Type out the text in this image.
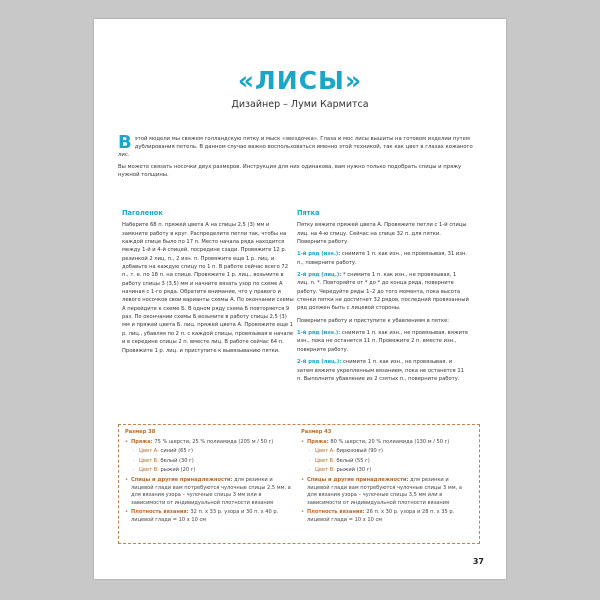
«ЛИСЫ»
Дизайнер – Луми Кармитса

Вэтой модели мы свяжем голландскую пятку и мыск «звездочка». Глаза и мос лисы вышиты на готовом изделии путем дублирования петель. В данном случае важно воспользоваться именно этой техникой, так как цвет в глазах кожаного лис.

Вы можете связать носочки двух размеров. Инструкция для них одинакова, вам нужно только подобрать спицы и пряжу нужной толщины.

Паголенок

Наберите 68 п. пряжей цвета А на спицы 2,5 (3) мм и замкните работу в круг. Распределите петли так, чтобы на каждой спице было по 17 п. Место начала ряда находится между 1-й и 4-й спицей, посредине сзади. Провяжите 12 р. резинкой 2 лиц. п., 2 изн. п. Провяжите еще 1 р. лиц. и добавьте на каждую спицу по 1 п. В работе сейчас всего 72 п., т. е. по 18 п. на спице. Провяжите 1 р. лиц., возьмите в работу спицы 3 (3,5) мм и начните вязать узор по схеме А начиная с 1-го ряда. Обратите внимание, что у правого и левого носочков свои варианты схемы А. По окончании схемы А перейдите к схеме Б. В одном ряду схема Б повторяется 9 раз. По окончании схемы Б возьмите в работу спицы 2,5 (3) мм и пряжей цвета Б. лиц. пряжей цвета А. Провяжите еще 1 р. лиц., убавляя по 2 п. с каждой спицы, провязывая в начале и в середине спицы 2 п. вместе лиц. В работе сейчас 64 п. Провяжите 1 р. лиц. и приступите к вывязыванию пятки.

Пятка

Пятку вяжите пряжей цвета А. Провяжите петли с 1-й спицы лиц. на 4-ю спицу. Сейчас на спице 32 п. для пятки. Поверните работу.

1-й ряд (изн.): снимите 1 п. как изн., не провязывая, 31 изн. п., поверните работу.

2-й ряд (лиц.): * снимите 1 п. как изн., не провязывая, 1 лиц. п. *. Повторяйте от * до * до конца ряда, поверните работу. Чередуйте ряды 1–2 до того момента, пока высота стенки пятки не достигнет 32 рядов, последний провязанный ряд должен быть с лицевой стороны.

Поверните работу и приступите к убавлениям в пятке:

1-й ряд (изн.): снимите 1 п. как изн., не провязывая, вяжите изн., пока не останется 11 п. Провяжите 2 п. вместе изн., поверните работу.

2-й ряд (лиц.): снимите 1 п. как изн., не провязывая, и затем вяжите укрепленным вязанием, пока не останется 11 п. Выполните убавление из 2 сзятых п., поверните работу.

Размер 38
• Пряжа: 75 % шерсти, 25 % полиамида (205 м / 50 г)
· Цвет А: синий (65 г)
· Цвет Б: белый (30 г)
· Цвет В: рыжий (20 г)
• Спицы и другие принадлежности: для резинки и лицевой глади вам потребуются чулочные спицы 2,5 мм, а для вязания узора – чулочные спицы 3 мм или в зависимости от индивидуальной плотности вязания
• Плотность вязания: 32 п. x 33 р. узора и 30 п. x 40 р. лицевой глади = 10 x 10 см
Размер 43
• Пряжа: 80 % шерсти, 20 % полиамида (130 м / 50 г)
· Цвет А: бирюзовый (90 г)
· Цвет Б: белый (55 г)
· Цвет В: рыжий (30 г)
• Спицы и другие принадлежности: для резинки и лицевой глади вам потребуются чулочные спицы 3 мм, а для вязания узора – чулочные спицы 3,5 мм или в зависимости от индивидуальной плотности вязания
• Плотность вязания: 26 п. x 30 р. узора и 28 п. x 35 р. лицевой глади = 10 x 10 см
37
